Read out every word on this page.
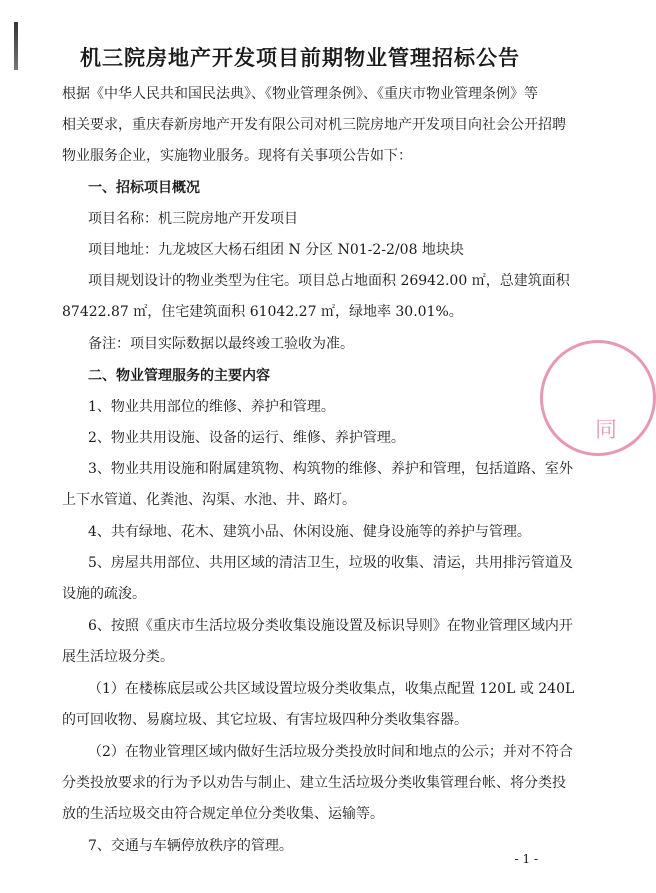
机三院房地产开发项目前期物业管理招标公告
根据《中华人民共和国民法典》、《物业管理条例》、《重庆市物业管理条例》等
相关要求，重庆春新房地产开发有限公司对机三院房地产开发项目向社会公开招聘
物业服务企业，实施物业服务。现将有关事项公告如下：
一、招标项目概况
项目名称：机三院房地产开发项目
项目地址：九龙坡区大杨石组团 N 分区 N01-2-2/08 地块块
项目规划设计的物业类型为住宅。项目总占地面积 26942.00 ㎡，总建筑面积
87422.87 ㎡，住宅建筑面积 61042.27 ㎡，绿地率 30.01%。
备注：项目实际数据以最终竣工验收为准。
二、物业管理服务的主要内容
1、物业共用部位的维修、养护和管理。
2、物业共用设施、设备的运行、维修、养护管理。
3、物业共用设施和附属建筑物、构筑物的维修、养护和管理，包括道路、室外
上下水管道、化粪池、沟渠、水池、井、路灯。
4、共有绿地、花木、建筑小品、休闲设施、健身设施等的养护与管理。
5、房屋共用部位、共用区域的清洁卫生，垃圾的收集、清运，共用排污管道及
设施的疏浚。
6、按照《重庆市生活垃圾分类收集设施设置及标识导则》在物业管理区域内开
展生活垃圾分类。
（1）在楼栋底层或公共区域设置垃圾分类收集点，收集点配置 120L 或 240L
的可回收物、易腐垃圾、其它垃圾、有害垃圾四种分类收集容器。
（2）在物业管理区域内做好生活垃圾分类投放时间和地点的公示；并对不符合
分类投放要求的行为予以劝告与制止、建立生活垃圾分类收集管理台帐、将分类投
放的生活垃圾交由符合规定单位分类收集、运输等。
7、交通与车辆停放秩序的管理。
- 1 -
同
